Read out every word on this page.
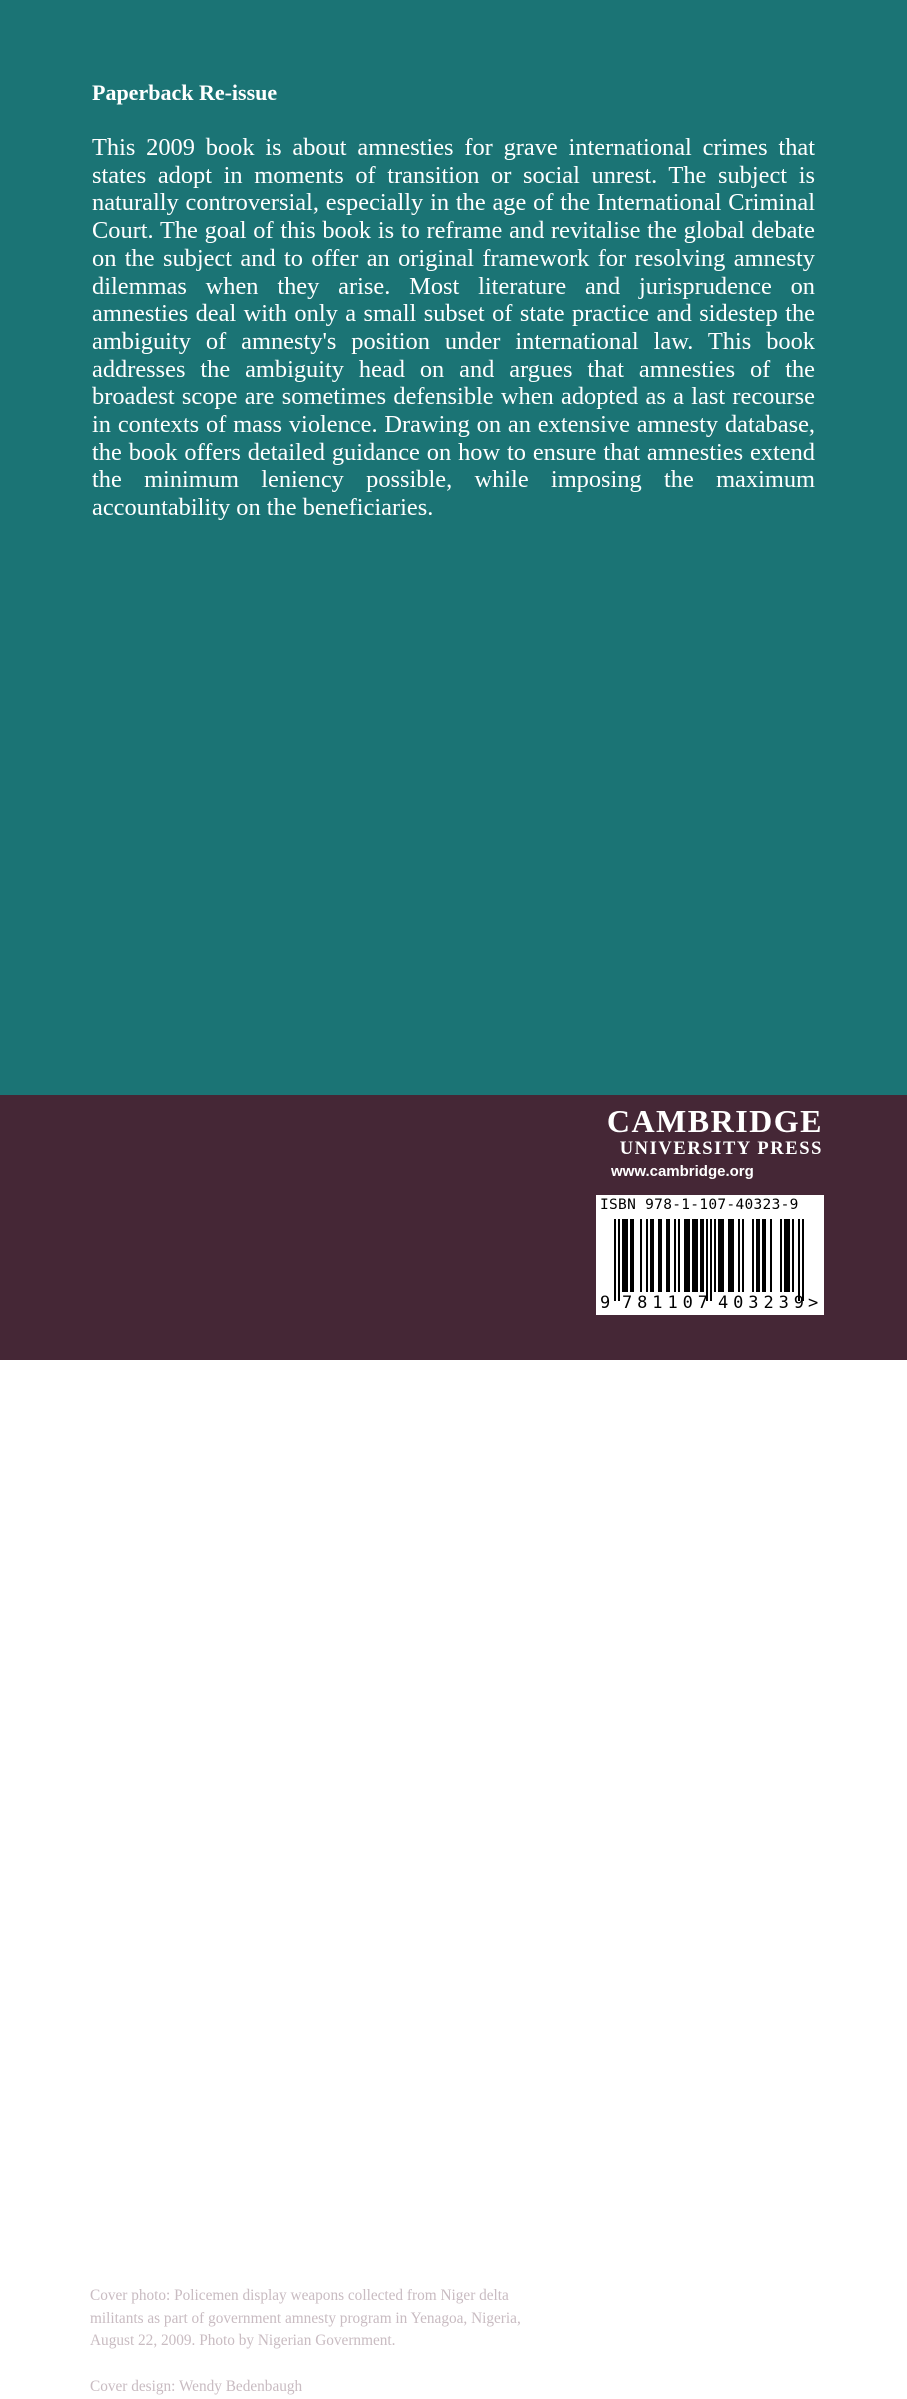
Paperback Re-issue

This 2009 book is about amnesties for grave international crimes that states adopt in moments of transition or social unrest. The subject is naturally controversial, especially in the age of the International Criminal Court. The goal of this book is to reframe and revitalise the global debate on the subject and to offer an original framework for resolving amnesty dilemmas when they arise. Most literature and jurisprudence on amnesties deal with only a small subset of state practice and sidestep the ambiguity of amnesty's position under international law. This book addresses the ambiguity head on and argues that amnesties of the broadest scope are sometimes defensible when adopted as a last recourse in contexts of mass violence. Drawing on an extensive amnesty database, the book offers detailed guidance on how to ensure that amnesties extend the minimum leniency possible, while imposing the maximum accountability on the beneficiaries.

Cover photo: Policemen display weapons collected from Niger delta militants as part of government amnesty program in Yenagoa, Nigeria, August 22, 2009. Photo by Nigerian Government.

Cover design: Wendy Bedenbaugh

CAMBRIDGE
UNIVERSITY PRESS
www.cambridge.org
ISBN 978-1-107-40323-9
9 781107 403239 >
